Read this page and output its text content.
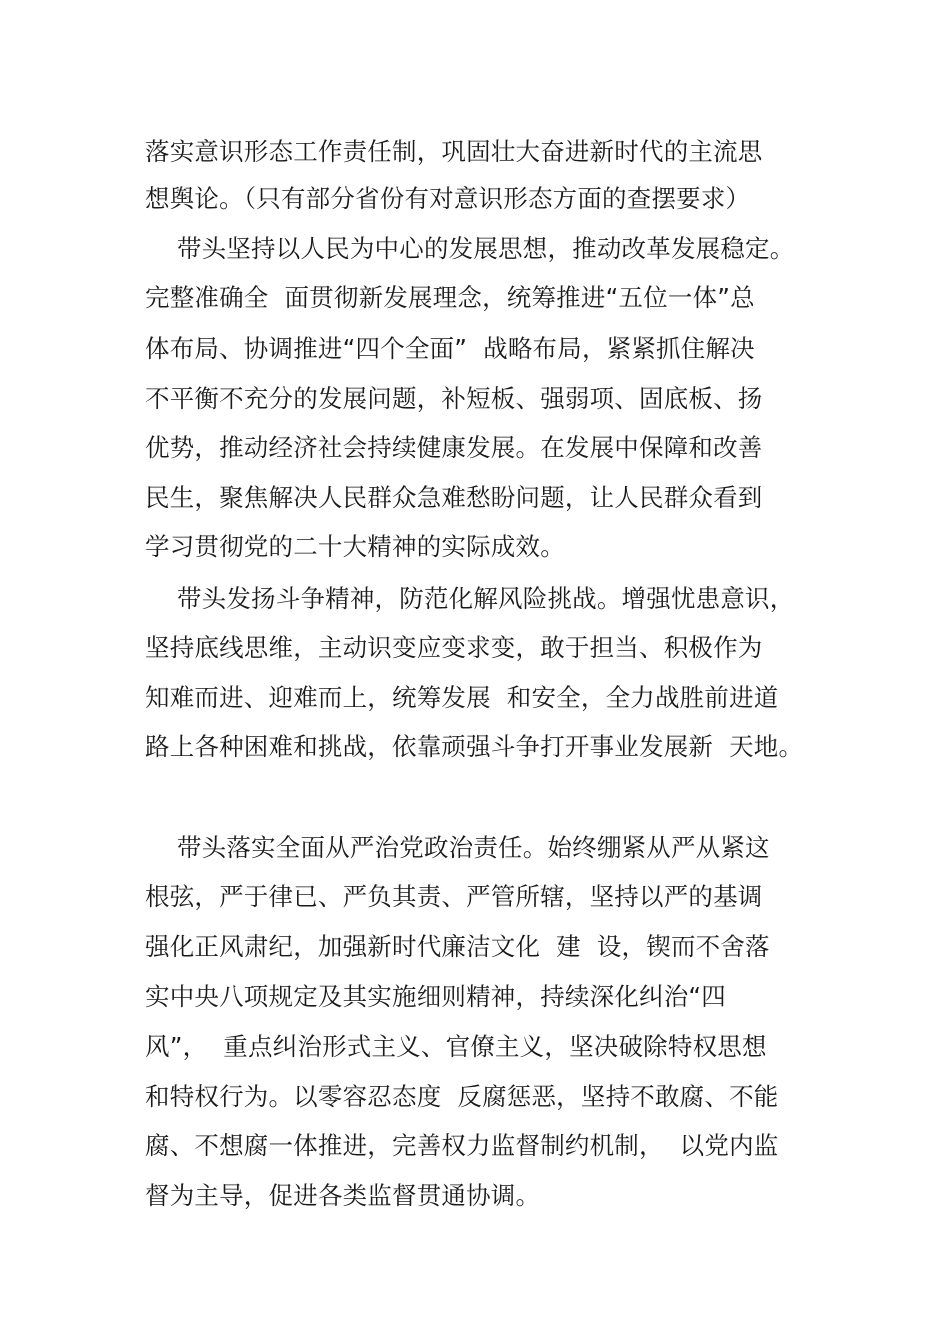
落实意识形态工作责任制，巩固壮大奋进新时代的主流思
想舆论。（只有部分省份有对意识形态方面的查摆要求）
带头坚持以人民为中心的发展思想，推动改革发展稳定。
完整准确全  面贯彻新发展理念，统筹推进“五位一体”总
体布局、协调推进“四个全面”  战略布局，紧紧抓住解决
不平衡不充分的发展问题，补短板、强弱项、固底板、扬
优势，推动经济社会持续健康发展。在发展中保障和改善
民生，聚焦解决人民群众急难愁盼问题，让人民群众看到
学习贯彻党的二十大精神的实际成效。
带头发扬斗争精神，防范化解风险挑战。增强忧患意识，
坚持底线思维，主动识变应变求变，敢于担当、积极作为
知难而进、迎难而上，统筹发展  和安全，全力战胜前进道
路上各种困难和挑战，依靠顽强斗争打开事业发展新  天地。
带头落实全面从严治党政治责任。始终绷紧从严从紧这
根弦，严于律已、严负其责、严管所辖，坚持以严的基调
强化正风肃纪，加强新时代廉洁文化  建  设，锲而不舍落
实中央八项规定及其实施细则精神，持续深化纠治“四
风”，  重点纠治形式主义、官僚主义，坚决破除特权思想
和特权行为。以零容忍态度  反腐惩恶，坚持不敢腐、不能
腐、不想腐一体推进，完善权力监督制约机制，  以党内监
督为主导，促进各类监督贯通协调。
